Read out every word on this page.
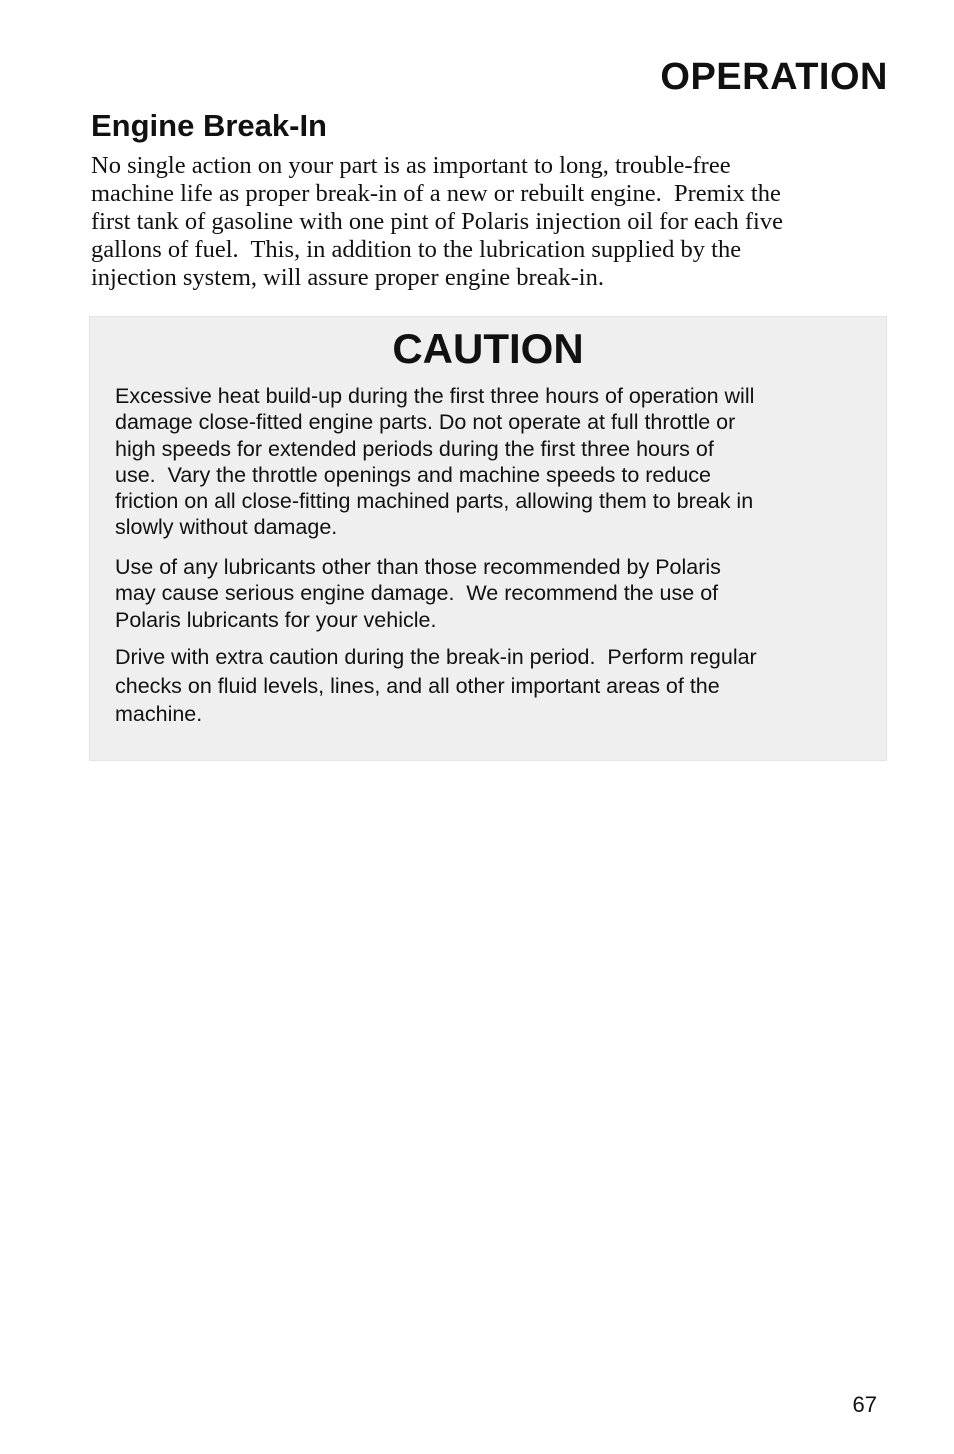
OPERATION
Engine Break-In

No single action on your part is as important to long, trouble-free
machine life as proper break-in of a new or rebuilt engine.  Premix the
first tank of gasoline with one pint of Polaris injection oil for each five
gallons of fuel.  This, in addition to the lubrication supplied by the
injection system, will assure proper engine break-in.

CAUTION

Excessive heat build-up during the first three hours of operation will
damage close-fitted engine parts. Do not operate at full throttle or
high speeds for extended periods during the first three hours of
use.  Vary the throttle openings and machine speeds to reduce
friction on all close-fitting machined parts, allowing them to break in
slowly without damage.

Use of any lubricants other than those recommended by Polaris
may cause serious engine damage.  We recommend the use of
Polaris lubricants for your vehicle.

Drive with extra caution during the break-in period.  Perform regular
checks on fluid levels, lines, and all other important areas of the
machine.

67
